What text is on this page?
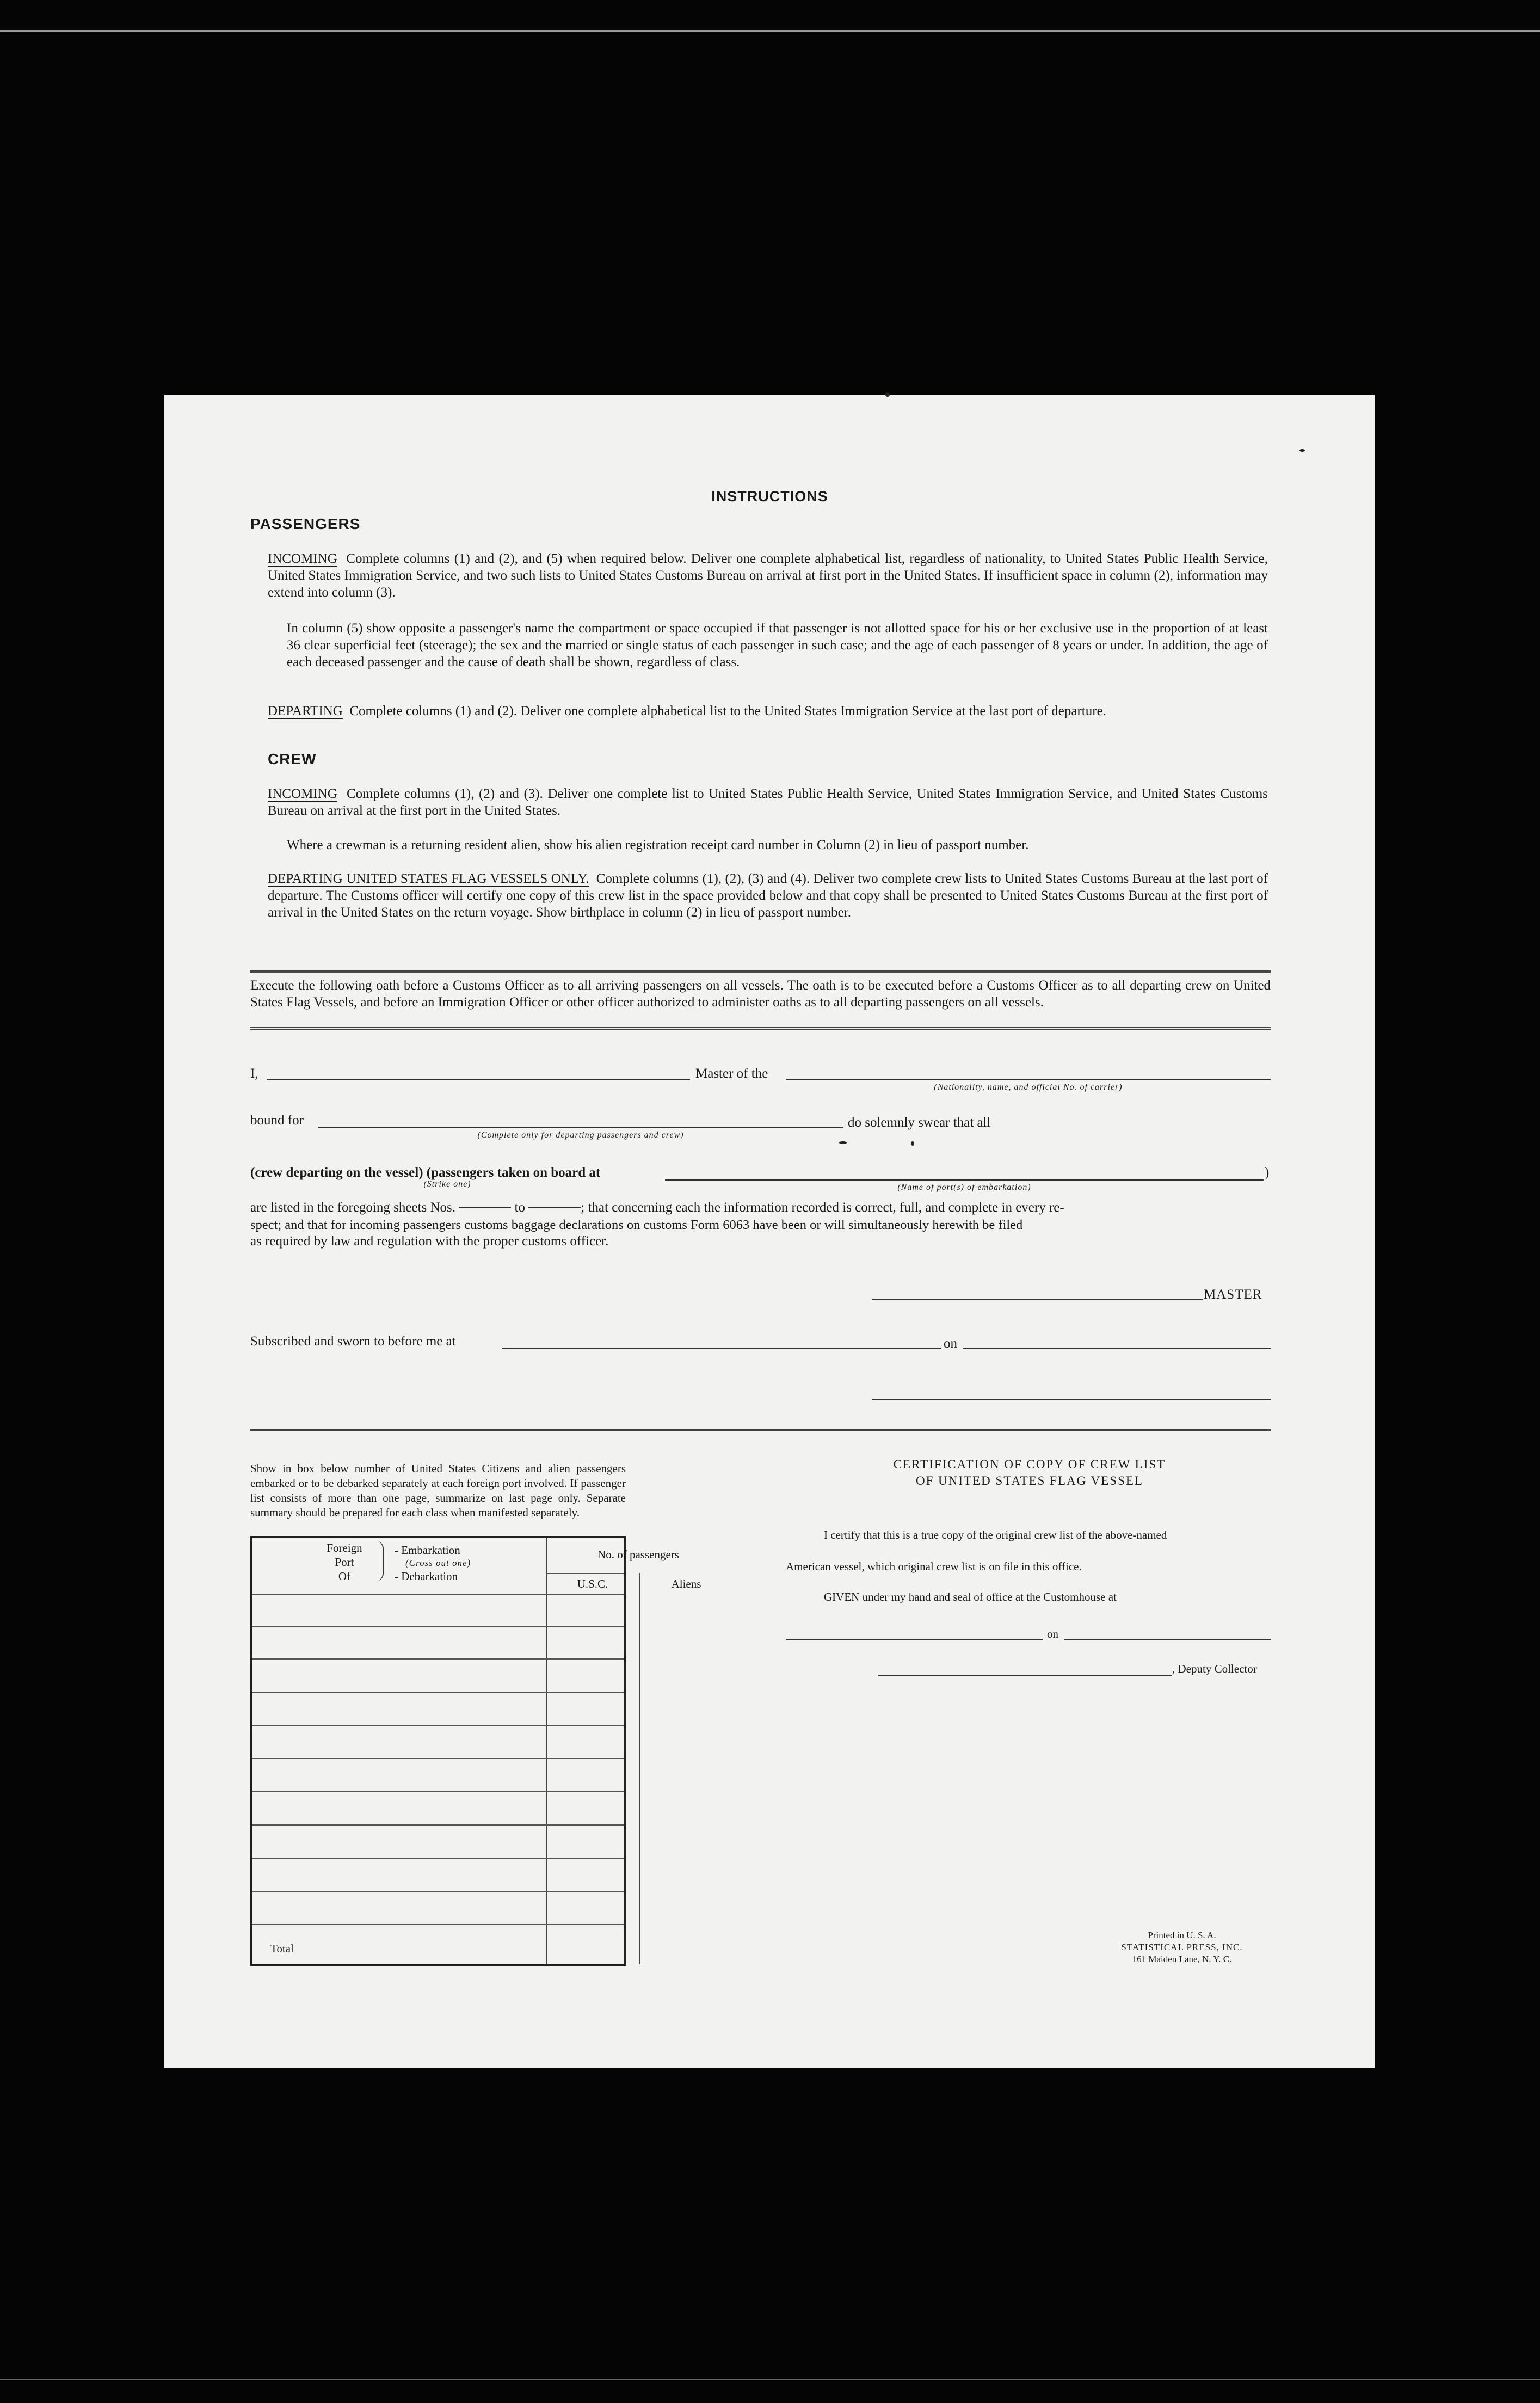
INSTRUCTIONS
PASSENGERS
INCOMING Complete columns (1) and (2), and (5) when required below. Deliver one complete alphabetical list, regardless of nationality, to United States Public Health Service, United States Immigration Service, and two such lists to United States Customs Bureau on arrival at first port in the United States. If insufficient space in column (2), information may extend into column (3).
In column (5) show opposite a passenger's name the compartment or space occupied if that passenger is not allotted space for his or her exclusive use in the proportion of at least 36 clear superficial feet (steerage); the sex and the married or single status of each passenger in such case; and the age of each passenger of 8 years or under. In addition, the age of each deceased passenger and the cause of death shall be shown, regardless of class.
DEPARTING Complete columns (1) and (2). Deliver one complete alphabetical list to the United States Immigration Service at the last port of departure.
CREW
INCOMING Complete columns (1), (2) and (3). Deliver one complete list to United States Public Health Service, United States Immigration Service, and United States Customs Bureau on arrival at the first port in the United States.
Where a crewman is a returning resident alien, show his alien registration receipt card number in Column (2) in lieu of passport number.
DEPARTING UNITED STATES FLAG VESSELS ONLY. Complete columns (1), (2), (3) and (4). Deliver two complete crew lists to United States Customs Bureau at the last port of departure. The Customs officer will certify one copy of this crew list in the space provided below and that copy shall be presented to United States Customs Bureau at the first port of arrival in the United States on the return voyage. Show birthplace in column (2) in lieu of passport number.
Execute the following oath before a Customs Officer as to all arriving passengers on all vessels. The oath is to be executed before a Customs Officer as to all departing crew on United States Flag Vessels, and before an Immigration Officer or other officer authorized to administer oaths as to all departing passengers on all vessels.
I,	Master of the
(Nationality, name, and official No. of carrier)
bound for
(Complete only for departing passengers and crew)
do solemnly swear that all
(crew departing on the vessel) (passengers taken on board at
(Strike one)	(Name of port(s) of embarkation)
)
are listed in the foregoing sheets Nos.	to	; that concerning each the information recorded is correct, full, and complete in every re-
spect; and that for incoming passengers customs baggage declarations on customs Form 6063 have been or will simultaneously herewith be filed
as required by law and regulation with the proper customs officer.
MASTER
Subscribed and sworn to before me at	on
Show in box below number of United States Citizens and alien passengers embarked or to be debarked separately at each foreign port involved. If passenger list consists of more than one page, summarize on last page only. Separate summary should be prepared for each class when manifested separately.
Foreign
Port
Of
- Embarkation
(Cross out one)
- Debarkation
No. of passengers
U.S.C.	Aliens
Total
CERTIFICATION OF COPY OF CREW LIST
OF UNITED STATES FLAG VESSEL
I certify that this is a true copy of the original crew list of the above-named
American vessel, which original crew list is on file in this office.
GIVEN under my hand and seal of office at the Customhouse at
on
, Deputy Collector
Printed in U. S. A.
STATISTICAL PRESS, INC.
161 Maiden Lane, N. Y. C.
